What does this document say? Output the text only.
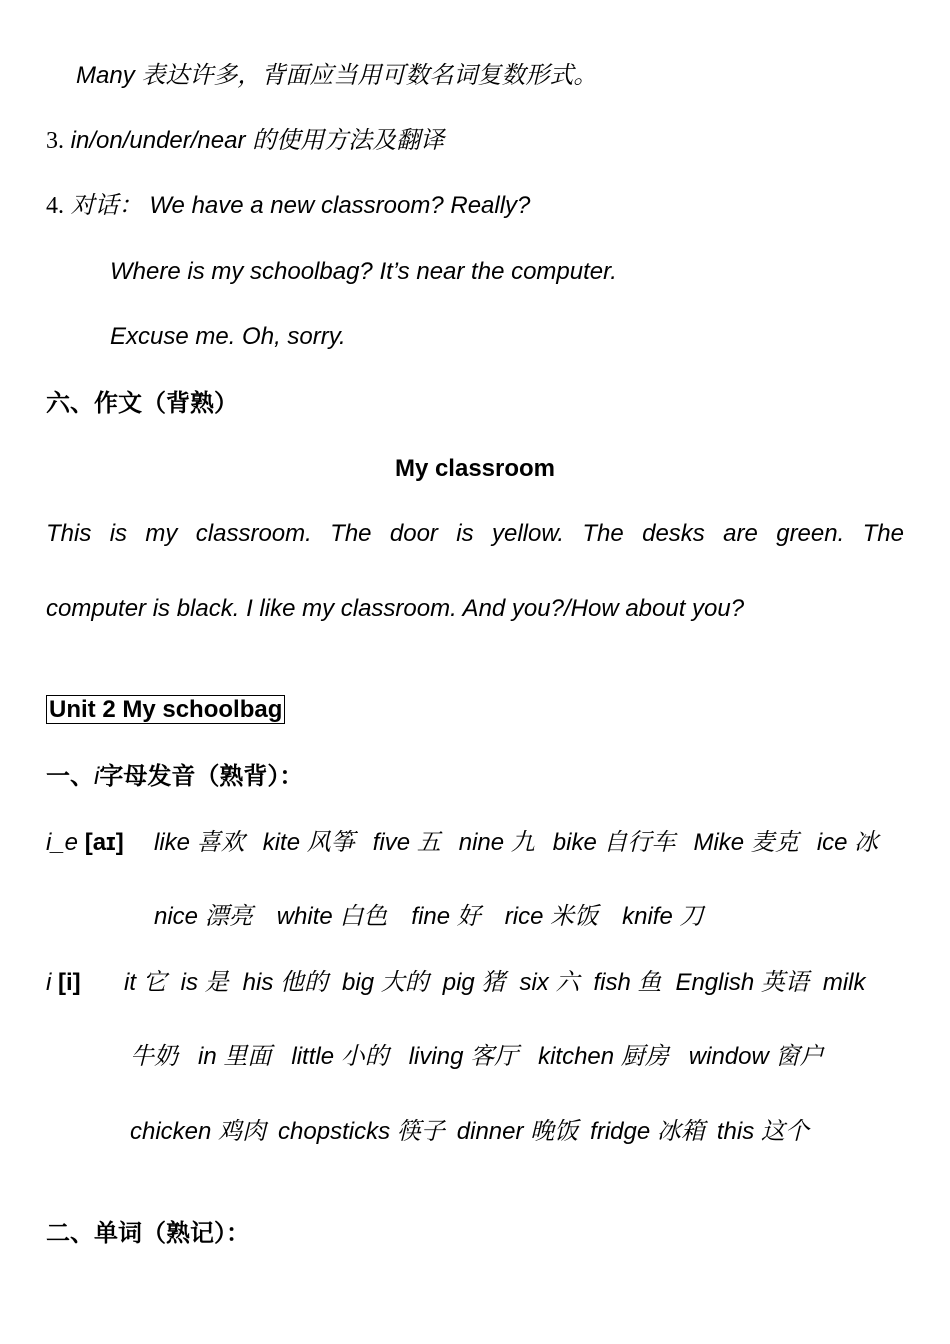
Many 表达许多，背面应当用可数名词复数形式。
3. in/on/under/near 的使用方法及翻译
4. 对话： We have a new classroom? Really?
Where is my schoolbag? It’s near the computer.
Excuse me. Oh, sorry.
六、作文（背熟）
My classroom
This is my classroom. The door is yellow. The desks are green. The
computer is black. I like my classroom. And you?/How about you?
Unit 2 My schoolbag
一、i字母发音（熟背）：
i_e [aɪ] like 喜欢 kite 风筝 five 五 nine 九 bike 自行车 Mike 麦克 ice 冰
nice 漂亮 white 白色 fine 好 rice 米饭 knife 刀
i [i] it 它 is 是 his 他的 big 大的 pig 猪 six 六 fish 鱼 English 英语 milk
牛奶 in 里面 little 小的 living 客厅 kitchen 厨房 window 窗户
chicken 鸡肉 chopsticks 筷子 dinner 晚饭 fridge 冰箱 this 这个
二、单词（熟记）：
